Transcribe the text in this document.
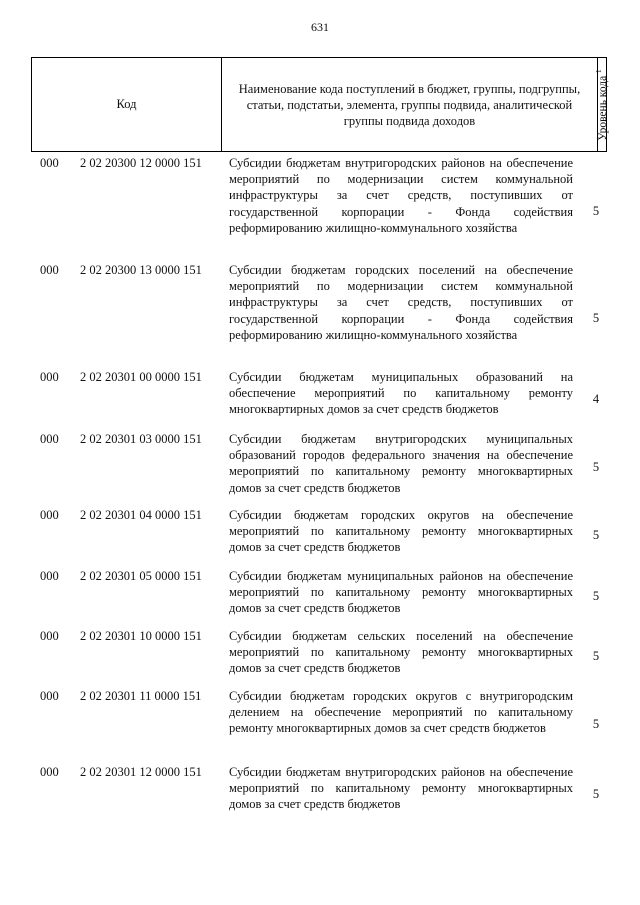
631
Код
Наименование кода поступлений в бюджет, группы, подгруппы, статьи, подстатьи, элемента, группы подвида, аналитической группы подвида доходов	Уровень кода $^1$
000 2 02 20300 12 0000 151 Субсидии бюджетам внутригородских районов на обеспечение мероприятий по модернизации систем коммунальной инфраструктуры за счет средств, поступивших от государственной корпорации - Фонда содействия реформированию жилищно-коммунального хозяйства
5
000 2 02 20300 13 0000 151 Субсидии бюджетам городских поселений на обеспечение мероприятий по модернизации систем коммунальной инфраструктуры за счет средств, поступивших от государственной корпорации - Фонда содействия реформированию жилищно-коммунального хозяйства
5
000 2 02 20301 00 0000 151 Субсидии бюджетам муниципальных образований на обеспечение мероприятий по капитальному ремонту многоквартирных домов за счет средств бюджетов
4
000 2 02 20301 03 0000 151 Субсидии бюджетам внутригородских муниципальных образований городов федерального значения на обеспечение мероприятий по капитальному ремонту многоквартирных домов за счет средств бюджетов
5
000 2 02 20301 04 0000 151 Субсидии бюджетам городских округов на обеспечение мероприятий по капитальному ремонту многоквартирных домов за счет средств бюджетов
5
000 2 02 20301 05 0000 151 Субсидии бюджетам муниципальных районов на обеспечение мероприятий по капитальному ремонту многоквартирных домов за счет средств бюджетов
5
000 2 02 20301 10 0000 151 Субсидии бюджетам сельских поселений на обеспечение мероприятий по капитальному ремонту многоквартирных домов за счет средств бюджетов
5
000 2 02 20301 11 0000 151 Субсидии бюджетам городских округов с внутригородским делением на обеспечение мероприятий по капитальному ремонту многоквартирных домов за счет средств бюджетов	5
000 2 02 20301 12 0000 151 Субсидии бюджетам внутригородских районов на обеспечение мероприятий по капитальному ремонту многоквартирных домов за счет средств бюджетов
5
